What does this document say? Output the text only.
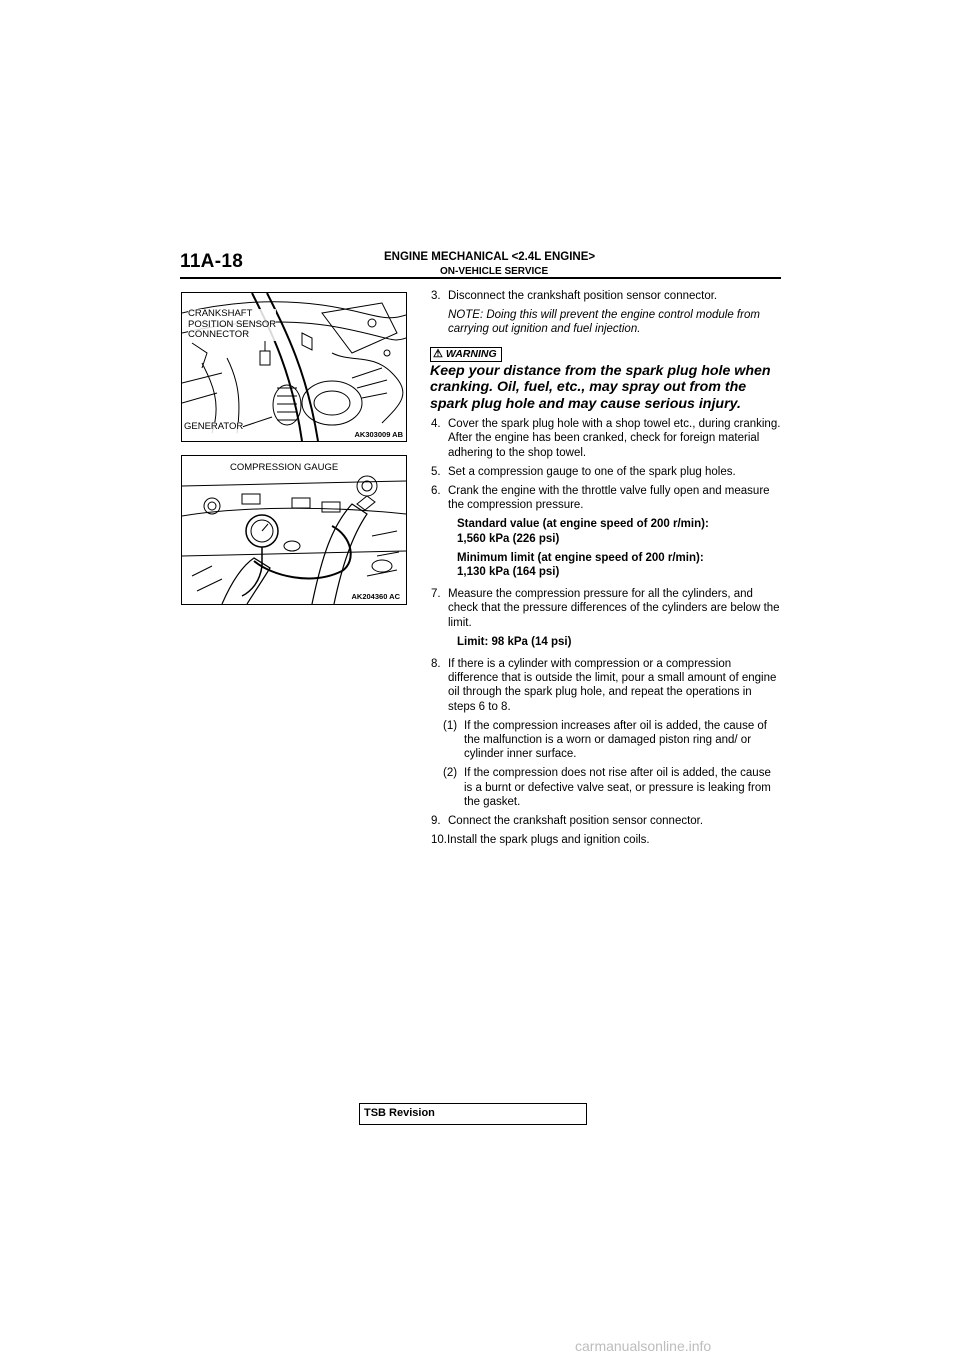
11A-18	ENGINE MECHANICAL <2.4L ENGINE>
ON-VEHICLE SERVICE
CRANKSHAFT
POSITION SENSOR
CONNECTOR
GENERATOR
AK303009 AB
COMPRESSION GAUGE
AK204360 AC
3. Disconnect the crankshaft position sensor connector.
NOTE: Doing this will prevent the engine control module from carrying out ignition and fuel injection.
⚠ WARNING
Keep your distance from the spark plug hole when cranking. Oil, fuel, etc., may spray out from the spark plug hole and may cause serious injury.
4. Cover the spark plug hole with a shop towel etc., during cranking. After the engine has been cranked, check for foreign material adhering to the shop towel.
5. Set a compression gauge to one of the spark plug holes.
6. Crank the engine with the throttle valve fully open and measure the compression pressure.
Standard value (at engine speed of 200 r/min):
1,560 kPa (226 psi)
Minimum limit (at engine speed of 200 r/min):
1,130 kPa (164 psi)
7. Measure the compression pressure for all the cylinders, and check that the pressure differences of the cylinders are below the limit.
Limit: 98 kPa (14 psi)
8. If there is a cylinder with compression or a compression difference that is outside the limit, pour a small amount of engine oil through the spark plug hole, and repeat the operations in steps 6 to 8.
(1) If the compression increases after oil is added, the cause of the malfunction is a worn or damaged piston ring and/ or cylinder inner surface.
(2) If the compression does not rise after oil is added, the cause is a burnt or defective valve seat, or pressure is leaking from the gasket.
9. Connect the crankshaft position sensor connector.
10.Install the spark plugs and ignition coils.
TSB Revision
carmanualsonline.info
